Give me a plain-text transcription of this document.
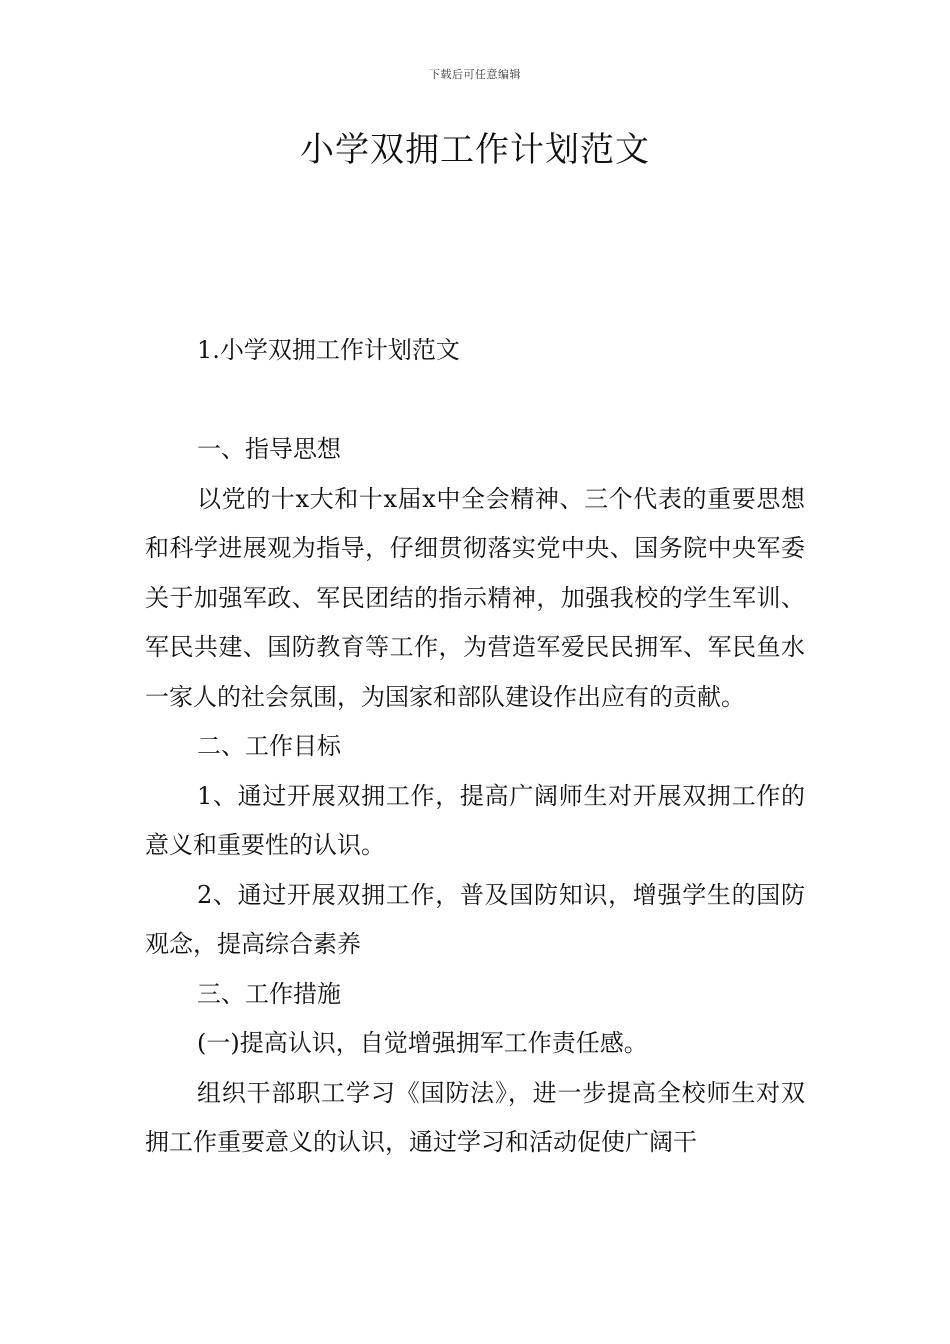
下载后可任意编辑
小学双拥工作计划范文

1.小学双拥工作计划范文

一、指导思想

以党的十x大和十x届x中全会精神、三个代表的重要思想和科学进展观为指导，仔细贯彻落实党中央、国务院中央军委关于加强军政、军民团结的指示精神，加强我校的学生军训、军民共建、国防教育等工作，为营造军爱民民拥军、军民鱼水一家人的社会氛围，为国家和部队建设作出应有的贡献。

二、工作目标

1、通过开展双拥工作，提高广阔师生对开展双拥工作的意义和重要性的认识。

2、通过开展双拥工作，普及国防知识，增强学生的国防观念，提高综合素养

三、工作措施

(一)提高认识，自觉增强拥军工作责任感。

组织干部职工学习《国防法》，进一步提高全校师生对双拥工作重要意义的认识，通过学习和活动促使广阔干
